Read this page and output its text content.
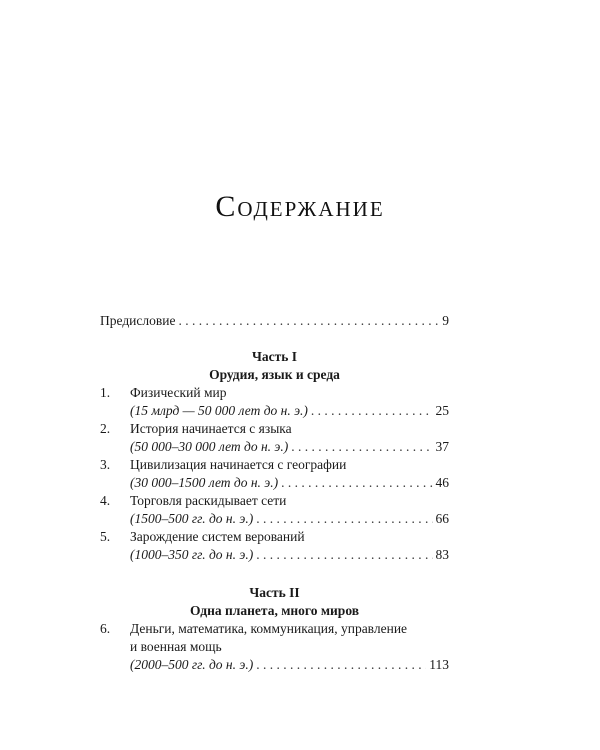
Содержание
Предисловие . . .	9
Часть I
Орудия, язык и среда
1.	Физический мир
(15 млрд — 50 000 лет до н. э.) . . .	25
2.	История начинается с языка
(50 000–30 000 лет до н. э.) . . .	37
3.	Цивилизация начинается с географии
(30 000–1500 лет до н. э.) . . .	46
4.	Торговля раскидывает сети
(1500–500 гг. до н. э.) . . .	66
5.	Зарождение систем верований
(1000–350 гг. до н. э.) . . .	83
Часть II
Одна планета, много миров
6.	Деньги, математика, коммуникация, управление
и военная мощь
(2000–500 гг. до н. э.) . . .	113
